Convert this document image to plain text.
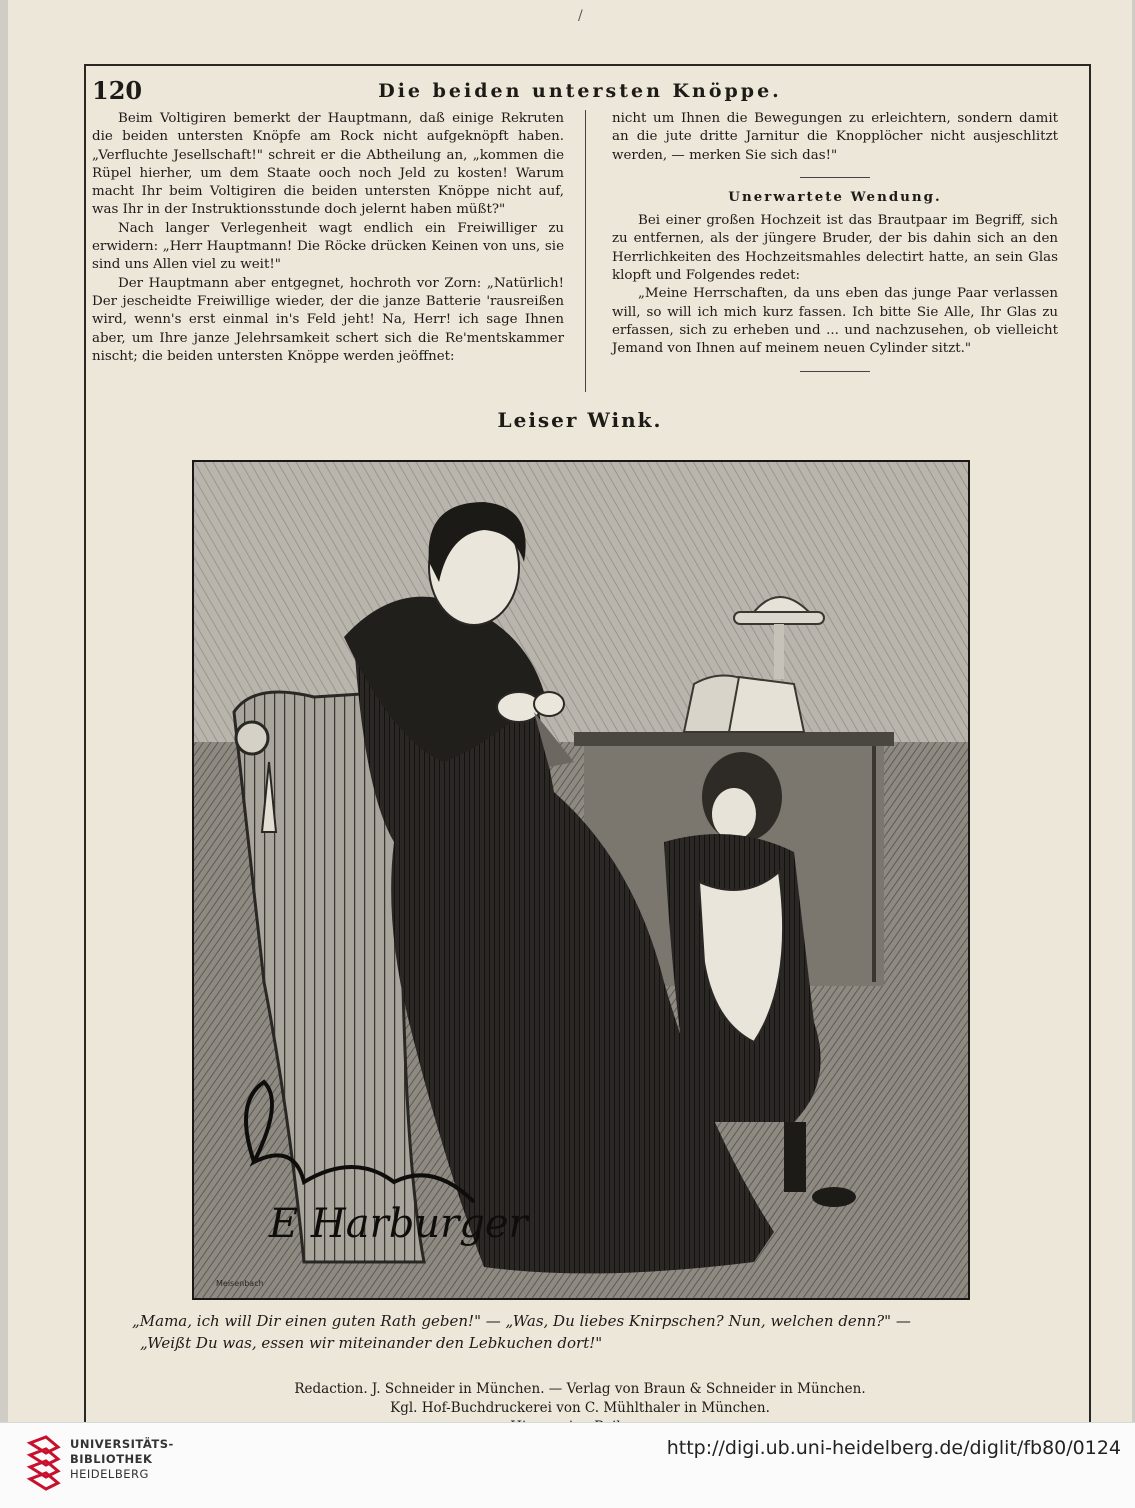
/
120	Die beiden untersten Knöppe.

Beim Voltigiren bemerkt der Hauptmann, daß einige Rekruten die beiden untersten Knöpfe am Rock nicht aufgeknöpft haben. „Verfluchte Jesellschaft!" schreit er die Abtheilung an, „kommen die Rüpel hierher, um dem Staate ooch noch Jeld zu kosten! Warum macht Ihr beim Voltigiren die beiden untersten Knöppe nicht auf, was Ihr in der Instruktionsstunde doch jelernt haben müßt?"

Nach langer Verlegenheit wagt endlich ein Freiwilliger zu erwidern: „Herr Hauptmann! Die Röcke drücken Keinen von uns, sie sind uns Allen viel zu weit!"

Der Hauptmann aber entgegnet, hochroth vor Zorn: „Natürlich! Der jescheidte Freiwillige wieder, der die janze Batterie 'rausreißen wird, wenn's erst einmal in's Feld jeht! Na, Herr! ich sage Ihnen aber, um Ihre janze Jelehrsamkeit schert sich die Re'mentskammer nischt; die beiden untersten Knöppe werden jeöffnet:

nicht um Ihnen die Bewegungen zu erleichtern, sondern damit an die jute dritte Jarnitur die Knopplöcher nicht ausjeschlitzt werden, — merken Sie sich das!"

Unerwartete Wendung.

Bei einer großen Hochzeit ist das Brautpaar im Begriff, sich zu entfernen, als der jüngere Bruder, der bis dahin sich an den Herrlichkeiten des Hochzeitsmahles delectirt hatte, an sein Glas klopft und Folgendes redet:

„Meine Herrschaften, da uns eben das junge Paar verlassen will, so will ich mich kurz fassen. Ich bitte Sie Alle, Ihr Glas zu erfassen, sich zu erheben und ... und nachzusehen, ob vielleicht Jemand von Ihnen auf meinem neuen Cylinder sitzt."

Leiser Wink.
E Harburger
Meisenbach

„Mama, ich will Dir einen guten Rath geben!" — „Was, Du liebes Knirpschen? Nun, welchen denn?" —

„Weißt Du was, essen wir miteinander den Lebkuchen dort!"

Redaction. J. Schneider in München. — Verlag von Braun & Schneider in München.

Kgl. Hof-Buchdruckerei von C. Mühlthaler in München.

UNIVERSITÄTS-
BIBLIOTHEK
HEIDELBERG
http://digi.ub.uni-heidelberg.de/diglit/fb80/0124
